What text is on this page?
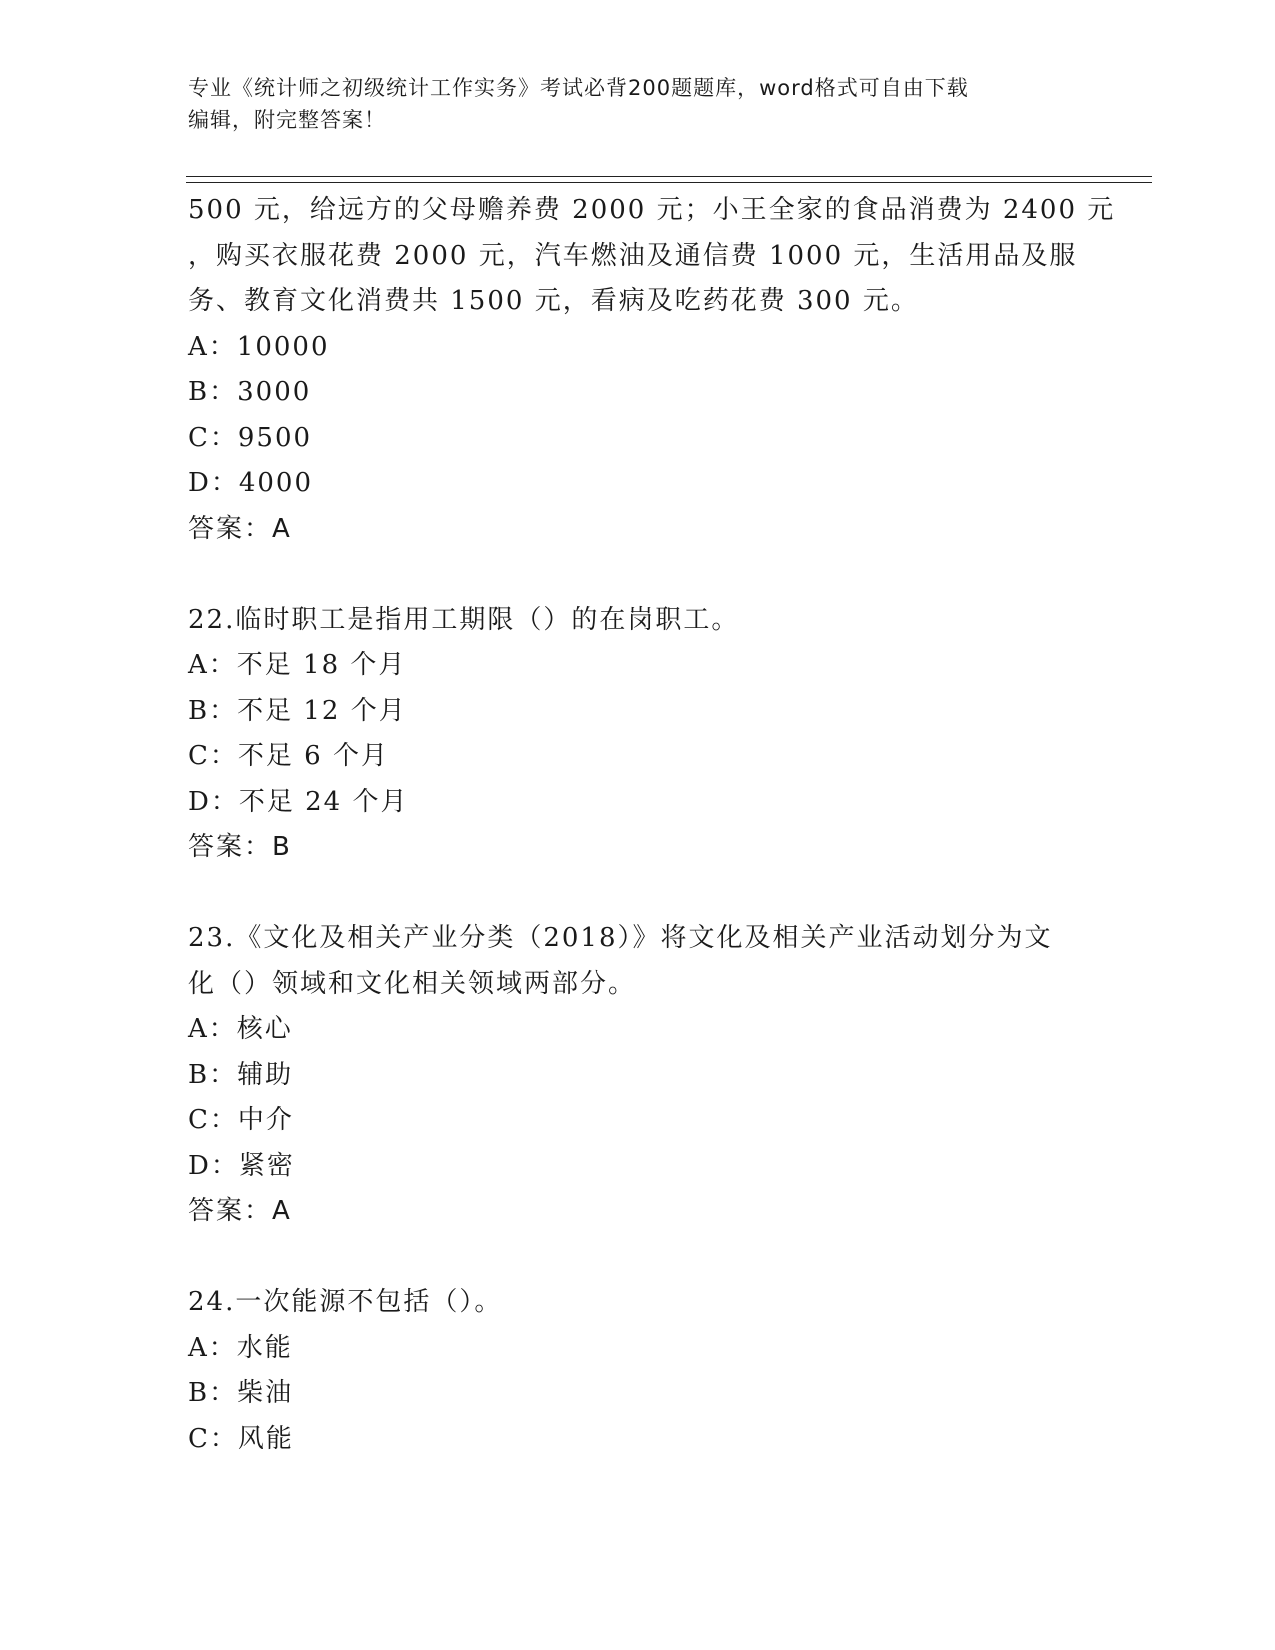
专业《统计师之初级统计工作实务》考试必背200题题库，word格式可自由下载
编辑，附完整答案！
500 元，给远方的父母赡养费 2000 元；小王全家的食品消费为 2400 元
，购买衣服花费 2000 元，汽车燃油及通信费 1000 元，生活用品及服
务、教育文化消费共 1500 元，看病及吃药花费 300 元。
A：10000
B：3000
C：9500
D：4000
答案：A
22.临时职工是指用工期限（）的在岗职工。
A：不足 18 个月
B：不足 12 个月
C：不足 6 个月
D：不足 24 个月
答案：B
23.《文化及相关产业分类（2018）》将文化及相关产业活动划分为文
化（）领域和文化相关领域两部分。
A：核心
B：辅助
C：中介
D：紧密
答案：A
24.一次能源不包括（）。
A：水能
B：柴油
C：风能
